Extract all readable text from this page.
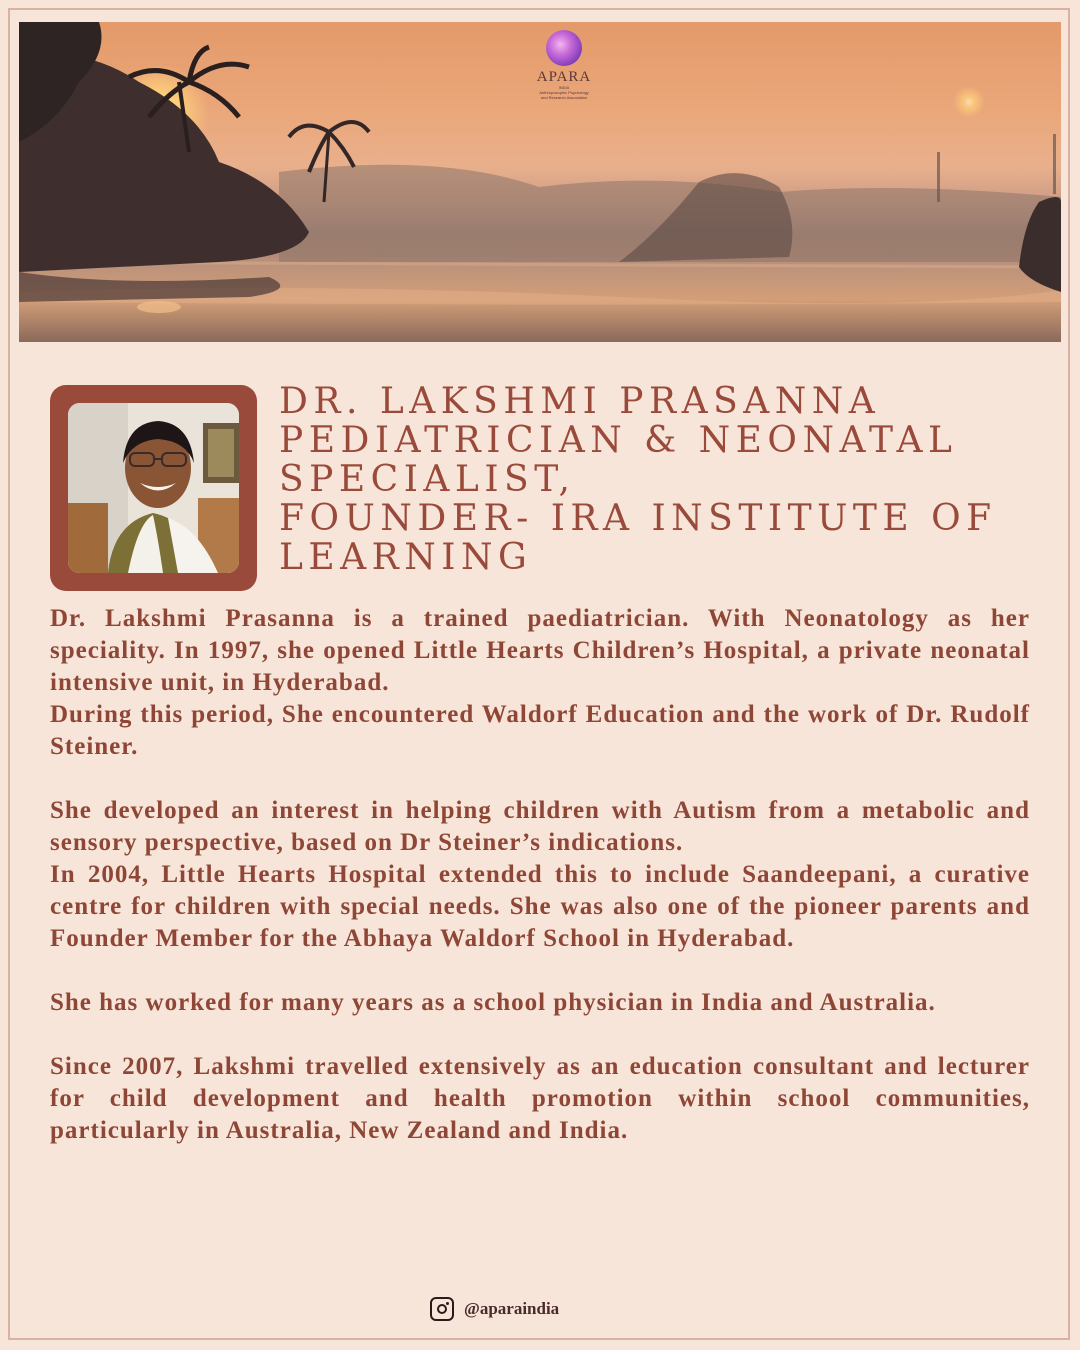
APARA
INDIA
Anthroposophic Psychology
and Research Association
DR. LAKSHMI PRASANNA
PEDIATRICIAN & NEONATAL
SPECIALIST,
FOUNDER- IRA INSTITUTE OF
LEARNING

Dr. Lakshmi Prasanna is a trained paediatrician. With Neonatology as her speciality. In 1997, she opened Little Hearts Children’s Hospital, a private neonatal intensive unit, in Hyderabad.

During this period, She encountered Waldorf Education and the work of Dr. Rudolf Steiner.

She developed an interest in helping children with Autism from a metabolic and sensory perspective, based on Dr Steiner’s indications.

In 2004, Little Hearts Hospital extended this to include Saandeepani, a curative centre for children with special needs. She was also one of the pioneer parents and Founder Member for the Abhaya Waldorf School in Hyderabad.

She has worked for many years as a school physician in India and Australia.

Since 2007, Lakshmi travelled extensively as an education consultant and lecturer for child development and health promotion within school communities, particularly in Australia, New Zealand and India.

@aparaindia
